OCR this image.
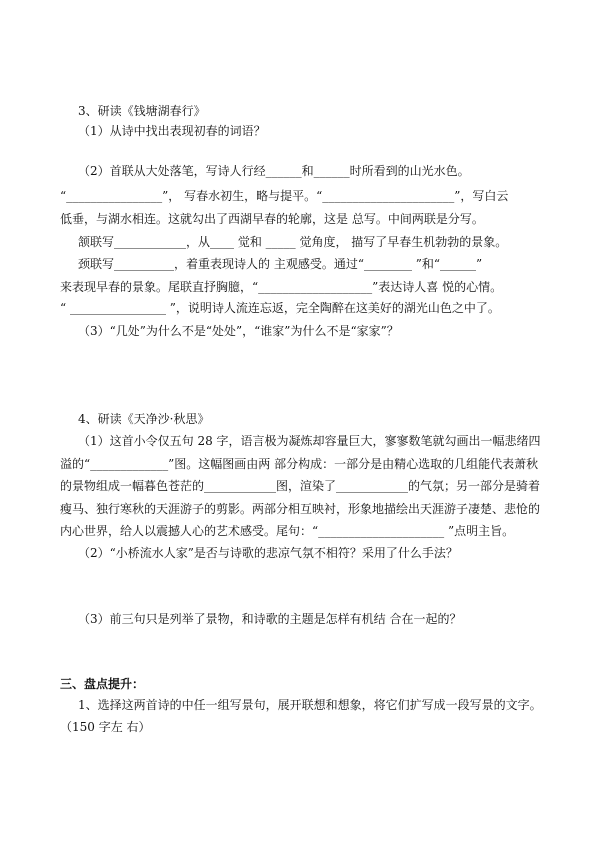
3、研读《钱塘湖春行》
（1）从诗中找出表现初春的词语？
（2）首联从大处落笔，写诗人行经______和______时所看到的山光水色。
“________________”， 写春水初生，略与提平。“______________________”，写白云
低垂，与湖水相连。这就勾出了西湖早春的轮廓，这是 总写。中间两联是分写。
颔联写____________，从____ 觉和 _____ 觉角度， 描写了早春生机勃勃的景象。
颈联写__________，着重表现诗人的 主观感受。通过“________ ”和“______”
来表现早春的景象。尾联直抒胸臆，“___________________”表达诗人喜 悦的心情。
“ ________________ ”，说明诗人流连忘返，完全陶醉在这美好的湖光山色之中了。
（3）“几处”为什么不是“处处”，“谁家”为什么不是“家家”？
4、研读《天净沙·秋思》
（1）这首小令仅五句 28 字，语言极为凝炼却容量巨大，寥寥数笔就勾画出一幅悲绪四
溢的“_____________”图。这幅图画由两 部分构成：一部分是由精心选取的几组能代表萧秋
的景物组成一幅暮色苍茫的____________图，渲染了____________的气氛；另一部分是骑着
瘦马、独行寒秋的天涯游子的剪影。两部分相互映衬，形象地描绘出天涯游子凄楚、悲怆的
内心世界，给人以震撼人心的艺术感受。尾句：“_____________________ ”点明主旨。
（2）“小桥流水人家”是否与诗歌的悲凉气氛不相符？采用了什么手法？
（3）前三句只是列举了景物，和诗歌的主题是怎样有机结 合在一起的？
三、盘点提升：
1、选择这两首诗的中任一组写景句，展开联想和想象，将它们扩写成一段写景的文字。
（150 字左 右）
